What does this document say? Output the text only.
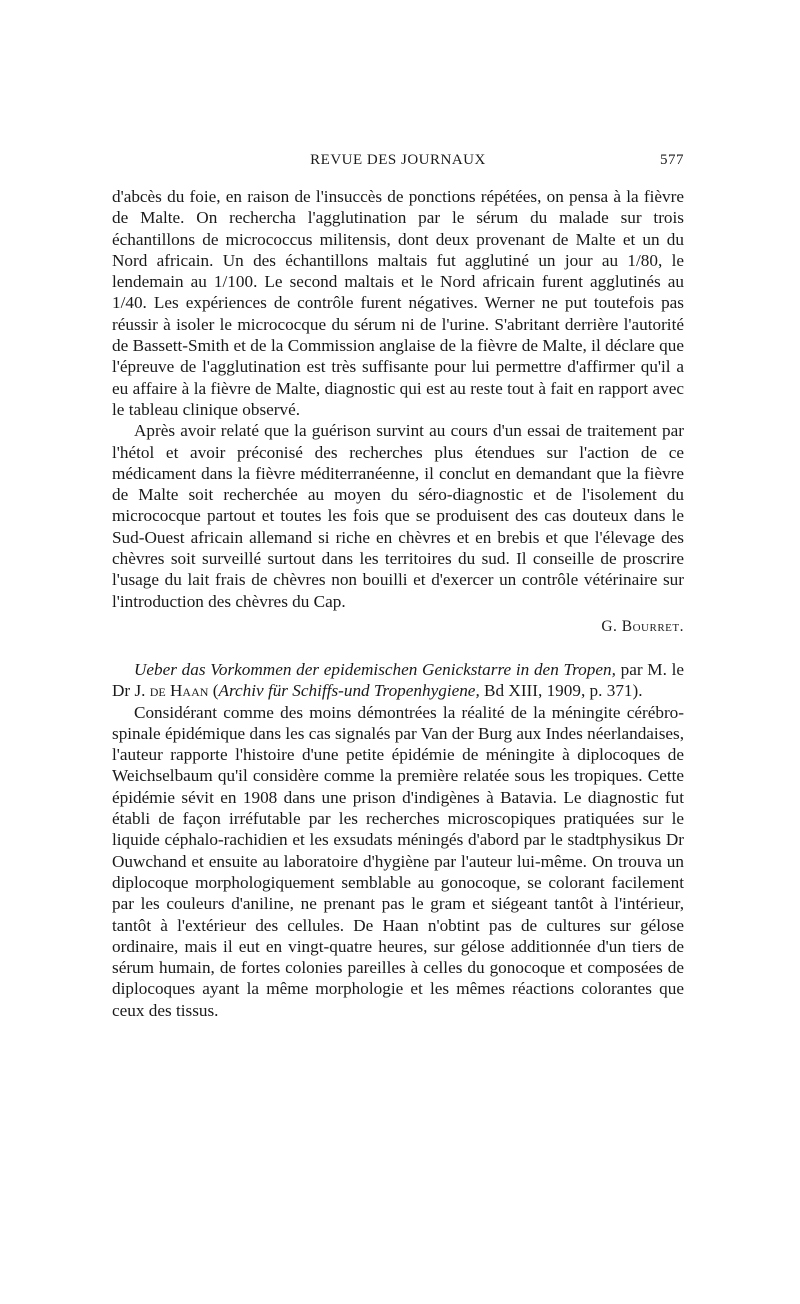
REVUE DES JOURNAUX	577

d'abcès du foie, en raison de l'insuccès de ponctions répétées, on pensa à la fièvre de Malte. On rechercha l'agglutination par le sérum du malade sur trois échantillons de micrococcus militensis, dont deux provenant de Malte et un du Nord africain. Un des échantillons maltais fut agglutiné un jour au 1/80, le lendemain au 1/100. Le second maltais et le Nord africain furent agglutinés au 1/40. Les expériences de contrôle furent négatives. Werner ne put toutefois pas réussir à isoler le micrococque du sérum ni de l'urine. S'abritant derrière l'autorité de Bassett-Smith et de la Commission anglaise de la fièvre de Malte, il déclare que l'épreuve de l'agglutination est très suffisante pour lui permettre d'affirmer qu'il a eu affaire à la fièvre de Malte, diagnostic qui est au reste tout à fait en rapport avec le tableau clinique observé.

Après avoir relaté que la guérison survint au cours d'un essai de traitement par l'hétol et avoir préconisé des recherches plus étendues sur l'action de ce médicament dans la fièvre méditerranéenne, il conclut en demandant que la fièvre de Malte soit recherchée au moyen du séro-diagnostic et de l'isolement du micrococque partout et toutes les fois que se produisent des cas douteux dans le Sud-Ouest africain allemand si riche en chèvres et en brebis et que l'élevage des chèvres soit surveillé surtout dans les territoires du sud. Il conseille de proscrire l'usage du lait frais de chèvres non bouilli et d'exercer un contrôle vétérinaire sur l'introduction des chèvres du Cap.

G. Bourret.

Ueber das Vorkommen der epidemischen Genickstarre in den Tropen, par M. le Dr J. de Haan (Archiv für Schiffs-und Tropenhygiene, Bd XIII, 1909, p. 371).

Considérant comme des moins démontrées la réalité de la méningite cérébro-spinale épidémique dans les cas signalés par Van der Burg aux Indes néerlandaises, l'auteur rapporte l'histoire d'une petite épidémie de méningite à diplocoques de Weichselbaum qu'il considère comme la première relatée sous les tropiques. Cette épidémie sévit en 1908 dans une prison d'indigènes à Batavia. Le diagnostic fut établi de façon irréfutable par les recherches microscopiques pratiquées sur le liquide céphalo-rachidien et les exsudats méningés d'abord par le stadtphysikus Dr Ouwchand et ensuite au laboratoire d'hygiène par l'auteur lui-même. On trouva un diplocoque morphologiquement semblable au gonocoque, se colorant facilement par les couleurs d'aniline, ne prenant pas le gram et siégeant tantôt à l'intérieur, tantôt à l'extérieur des cellules. De Haan n'obtint pas de cultures sur gélose ordinaire, mais il eut en vingt-quatre heures, sur gélose additionnée d'un tiers de sérum humain, de fortes colonies pareilles à celles du gonocoque et composées de diplocoques ayant la même morphologie et les mêmes réactions colorantes que ceux des tissus.
